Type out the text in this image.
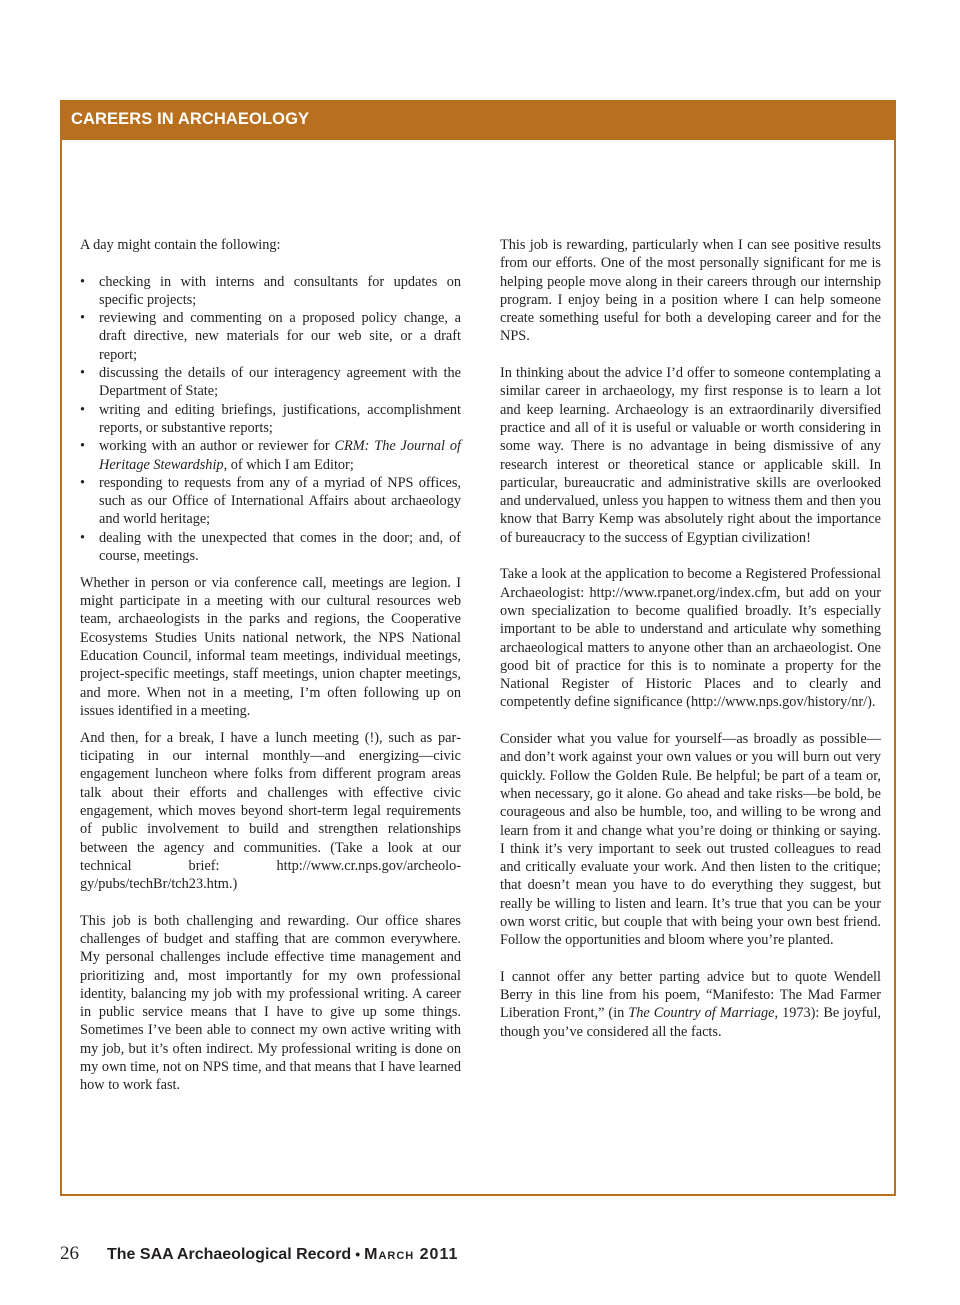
CAREERS IN ARCHAEOLOGY

A day might contain the following:

• checking in with interns and consultants for updates on specific projects;
• reviewing and commenting on a proposed policy change, a draft directive, new materials for our web site, or a draft report;
• discussing the details of our interagency agreement with the Department of State;
• writing and editing briefings, justifications, accomplishment reports, or substantive reports;
• working with an author or reviewer for CRM: The Journal of Heritage Stewardship, of which I am Editor;
• responding to requests from any of a myriad of NPS offices, such as our Office of International Affairs about archaeology and world heritage;
• dealing with the unexpected that comes in the door; and, of course, meetings.

Whether in person or via conference call, meetings are legion. I might participate in a meeting with our cultural resources web team, archaeologists in the parks and regions, the Cooperative Ecosystems Studies Units national network, the NPS National Education Council, informal team meetings, individual meetings, project-specific meetings, staff meetings, union chapter meetings, and more. When not in a meeting, I’m often following up on issues identified in a meeting.

And then, for a break, I have a lunch meeting (!), such as participating in our internal monthly—and energizing—civic engagement luncheon where folks from different program areas talk about their efforts and challenges with effective civic engagement, which moves beyond short-term legal requirements of public involvement to build and strengthen relationships between the agency and communities. (Take a look at our technical brief: http://www.cr.nps.gov/archeology/pubs/techBr/tch23.htm.)

This job is both challenging and rewarding. Our office shares challenges of budget and staffing that are common everywhere. My personal challenges include effective time management and prioritizing and, most importantly for my own professional identity, balancing my job with my professional writing. A career in public service means that I have to give up some things. Sometimes I’ve been able to connect my own active writing with my job, but it’s often indirect. My professional writing is done on my own time, not on NPS time, and that means that I have learned how to work fast.

This job is rewarding, particularly when I can see positive results from our efforts. One of the most personally significant for me is helping people move along in their careers through our internship program. I enjoy being in a position where I can help someone create something useful for both a developing career and for the NPS.

In thinking about the advice I’d offer to someone contemplating a similar career in archaeology, my first response is to learn a lot and keep learning. Archaeology is an extraordinarily diversified practice and all of it is useful or valuable or worth considering in some way. There is no advantage in being dismissive of any research interest or theoretical stance or applicable skill. In particular, bureaucratic and administrative skills are overlooked and undervalued, unless you happen to witness them and then you know that Barry Kemp was absolutely right about the importance of bureaucracy to the success of Egyptian civilization!

Take a look at the application to become a Registered Professional Archaeologist: http://www.rpanet.org/index.cfm, but add on your own specialization to become qualified broadly. It’s especially important to be able to understand and articulate why something archaeological matters to anyone other than an archaeologist. One good bit of practice for this is to nominate a property for the National Register of Historic Places and to clearly and competently define significance (http://www.nps.gov/history/nr/).

Consider what you value for yourself—as broadly as possible—and don’t work against your own values or you will burn out very quickly. Follow the Golden Rule. Be helpful; be part of a team or, when necessary, go it alone. Go ahead and take risks—be bold, be courageous and also be humble, too, and willing to be wrong and learn from it and change what you’re doing or thinking or saying. I think it’s very important to seek out trusted colleagues to read and critically evaluate your work. And then listen to the critique; that doesn’t mean you have to do everything they suggest, but really be willing to listen and learn. It’s true that you can be your own worst critic, but couple that with being your own best friend. Follow the opportunities and bloom where you’re planted.

I cannot offer any better parting advice but to quote Wendell Berry in this line from his poem, “Manifesto: The Mad Farmer Liberation Front,” (in The Country of Marriage, 1973): Be joyful, though you’ve considered all the facts.

26 The SAA Archaeological Record • March 2011
